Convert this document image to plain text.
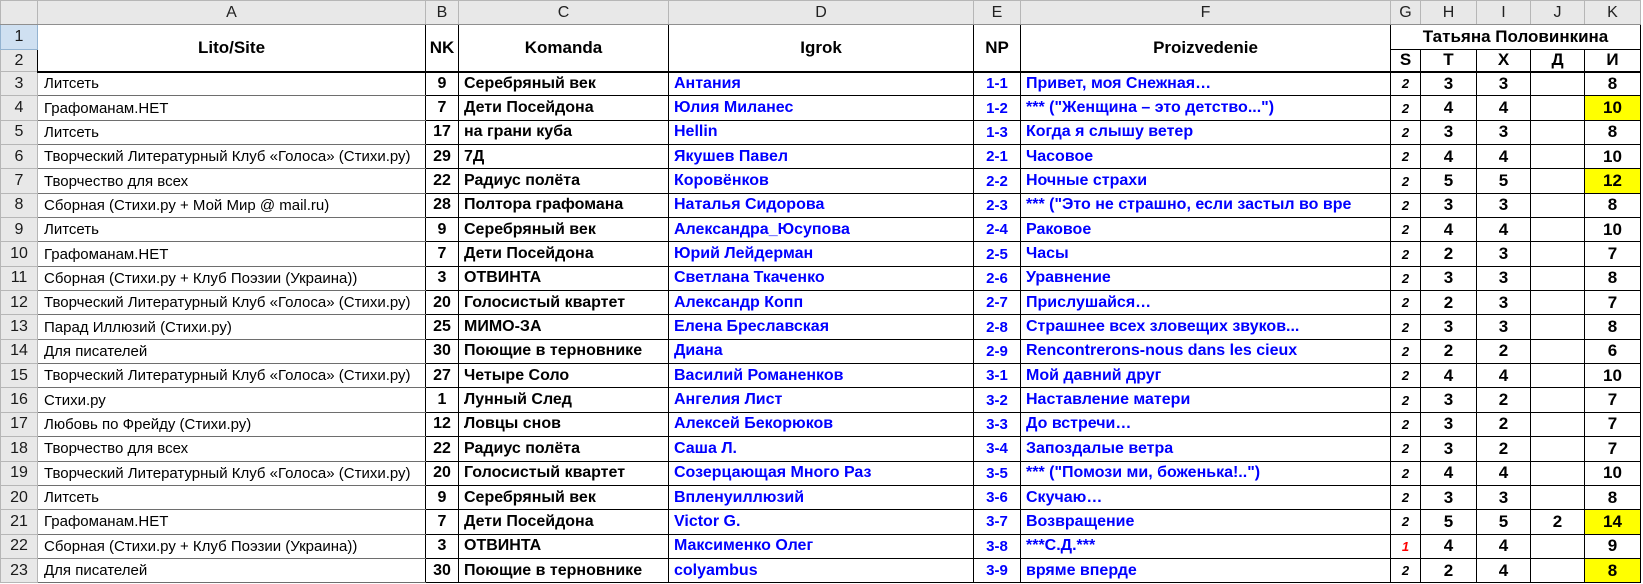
	A	B	C	D	E	F	G	H	I	J	K
1	Lito/Site	NK	Komanda	Igrok	NP	Proizvedenie	Татьяна Половинкина				
2							S	T	Х	Д	И
3	Литсеть	9	Серебряный век	Антания	1-1	Привет, моя Снежная…	2	3	3		8
4	Графоманам.НЕТ	7	Дети Посейдона	Юлия Миланес	1-2	*** ("Женщина – это детство...")	2	4	4		10
5	Литсеть	17	на грани куба	Hellin	1-3	Когда я слышу ветер	2	3	3		8
6	Творческий Литературный Клуб «Голоса» (Стихи.ру)	29	7Д	Якушев Павел	2-1	Часовое	2	4	4		10
7	Творчество для всех	22	Радиус полёта	Коровёнков	2-2	Ночные страхи	2	5	5		12
8	Сборная (Стихи.ру + Мой Мир @ mail.ru)	28	Полтора графомана	Наталья Сидорова	2-3	*** ("Это не страшно, если застыл во вре	2	3	3		8
9	Литсеть	9	Серебряный век	Александра_Юсупова	2-4	Раковое	2	4	4		10
10	Графоманам.НЕТ	7	Дети Посейдона	Юрий Лейдерман	2-5	Часы	2	2	3		7
11	Сборная (Стихи.ру + Клуб Поэзии (Украина))	3	ОТВИНТА	Светлана Ткаченко	2-6	Уравнение	2	3	3		8
12	Творческий Литературный Клуб «Голоса» (Стихи.ру)	20	Голосистый квартет	Александр Копп	2-7	Прислушайся…	2	2	3		7
13	Парад Иллюзий (Стихи.ру)	25	МИМО-ЗА	Елена Бреславская	2-8	Страшнее всех зловещих звуков...	2	3	3		8
14	Для писателей	30	Поющие в терновнике	Диана	2-9	Rencontrerons-nous dans les cieux	2	2	2		6
15	Творческий Литературный Клуб «Голоса» (Стихи.ру)	27	Четыре Соло	Василий Романенков	3-1	Мой давний друг	2	4	4		10
16	Стихи.ру	1	Лунный След	Ангелия Лист	3-2	Наставление матери	2	3	2		7
17	Любовь по Фрейду (Стихи.ру)	12	Ловцы снов	Алексей Бекорюков	3-3	До встречи…	2	3	2		7
18	Творчество для всех	22	Радиус полёта	Саша Л.	3-4	Запоздалые ветра	2	3	2		7
19	Творческий Литературный Клуб «Голоса» (Стихи.ру)	20	Голосистый квартет	Созерцающая Много Раз	3-5	*** ("Помози ми, боженька!..")	2	4	4		10
20	Литсеть	9	Серебряный век	Впленуиллюзий	3-6	Скучаю…	2	3	3		8
21	Графоманам.НЕТ	7	Дети Посейдона	Victor G.	3-7	Возвращение	2	5	5	2	14
22	Сборная (Стихи.ру + Клуб Поэзии (Украина))	3	ОТВИНТА	Максименко Олег	3-8	***С.Д.***	1	4	4		9
23	Для писателей	30	Поющие в терновнике	colyambus	3-9	вряме вперде	2	2	4		8
